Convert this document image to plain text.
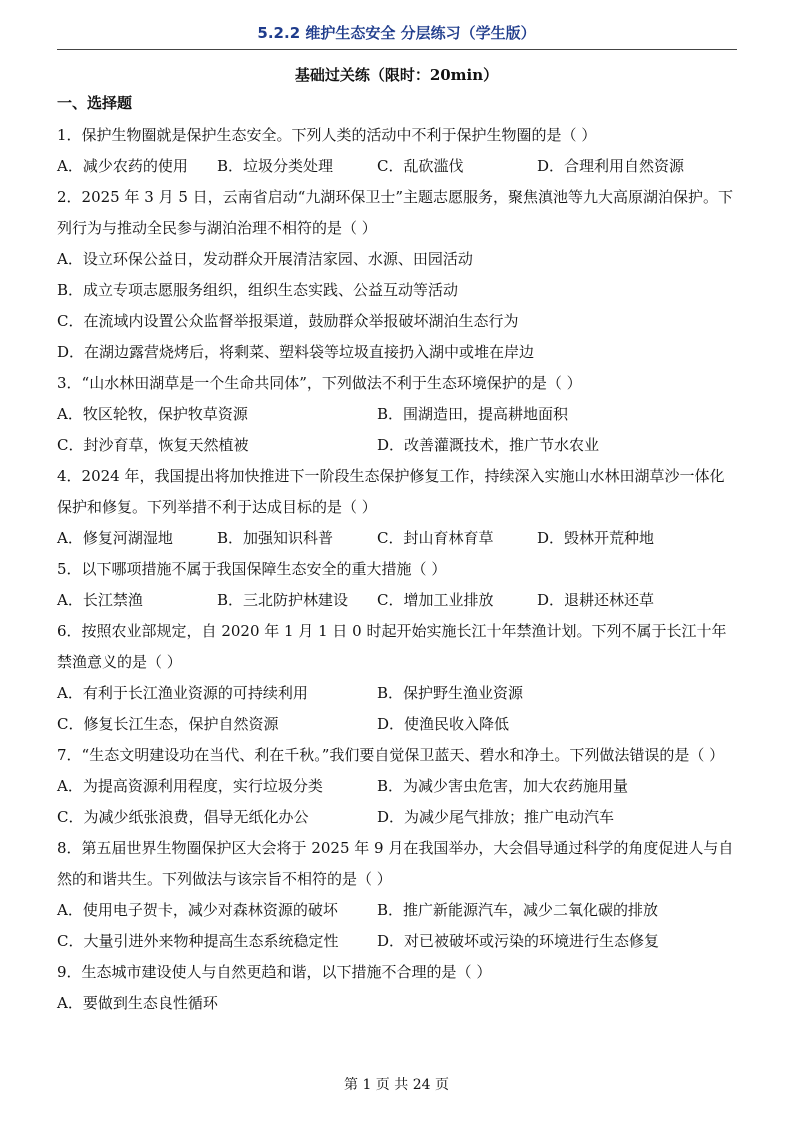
5.2.2 维护生态安全 分层练习（学生版）
基础过关练（限时：20min）
一、选择题
1．保护生物圈就是保护生态安全。下列人类的活动中不利于保护生物圈的是（ ）
A．减少农药的使用	B．垃圾分类处理	C．乱砍滥伐	D．合理利用自然资源
2．2025 年 3 月 5 日，云南省启动“九湖环保卫士”主题志愿服务，聚焦滇池等九大高原湖泊保护。下列行为与推动全民参与湖泊治理不相符的是（ ）
A．设立环保公益日，发动群众开展清洁家园、水源、田园活动
B．成立专项志愿服务组织，组织生态实践、公益互动等活动
C．在流域内设置公众监督举报渠道，鼓励群众举报破坏湖泊生态行为
D．在湖边露营烧烤后，将剩菜、塑料袋等垃圾直接扔入湖中或堆在岸边
3．“山水林田湖草是一个生命共同体”，下列做法不利于生态环境保护的是（ ）
A．牧区轮牧，保护牧草资源	B．围湖造田，提高耕地面积
C．封沙育草，恢复天然植被	D．改善灌溉技术，推广节水农业
4．2024 年，我国提出将加快推进下一阶段生态保护修复工作，持续深入实施山水林田湖草沙一体化保护和修复。下列举措不利于达成目标的是（ ）
A．修复河湖湿地	B．加强知识科普	C．封山育林育草	D．毁林开荒种地
5．以下哪项措施不属于我国保障生态安全的重大措施（ ）
A．长江禁渔	B．三北防护林建设	C．增加工业排放	D．退耕还林还草
6．按照农业部规定，自 2020 年 1 月 1 日 0 时起开始实施长江十年禁渔计划。下列不属于长江十年禁渔意义的是（ ）
A．有利于长江渔业资源的可持续利用	B．保护野生渔业资源
C．修复长江生态，保护自然资源	D．使渔民收入降低
7．“生态文明建设功在当代、利在千秋。”我们要自觉保卫蓝天、碧水和净土。下列做法错误的是（ ）
A．为提高资源利用程度，实行垃圾分类	B．为减少害虫危害，加大农药施用量
C．为减少纸张浪费，倡导无纸化办公	D．为减少尾气排放；推广电动汽车
8．第五届世界生物圈保护区大会将于 2025 年 9 月在我国举办，大会倡导通过科学的角度促进人与自然的和谐共生。下列做法与该宗旨不相符的是（ ）
A．使用电子贺卡，减少对森林资源的破坏	B．推广新能源汽车，减少二氧化碳的排放
C．大量引进外来物种提高生态系统稳定性	D．对已被破坏或污染的环境进行生态修复
9．生态城市建设使人与自然更趋和谐，以下措施不合理的是（ ）
A．要做到生态良性循环
第 1 页 共 24 页
